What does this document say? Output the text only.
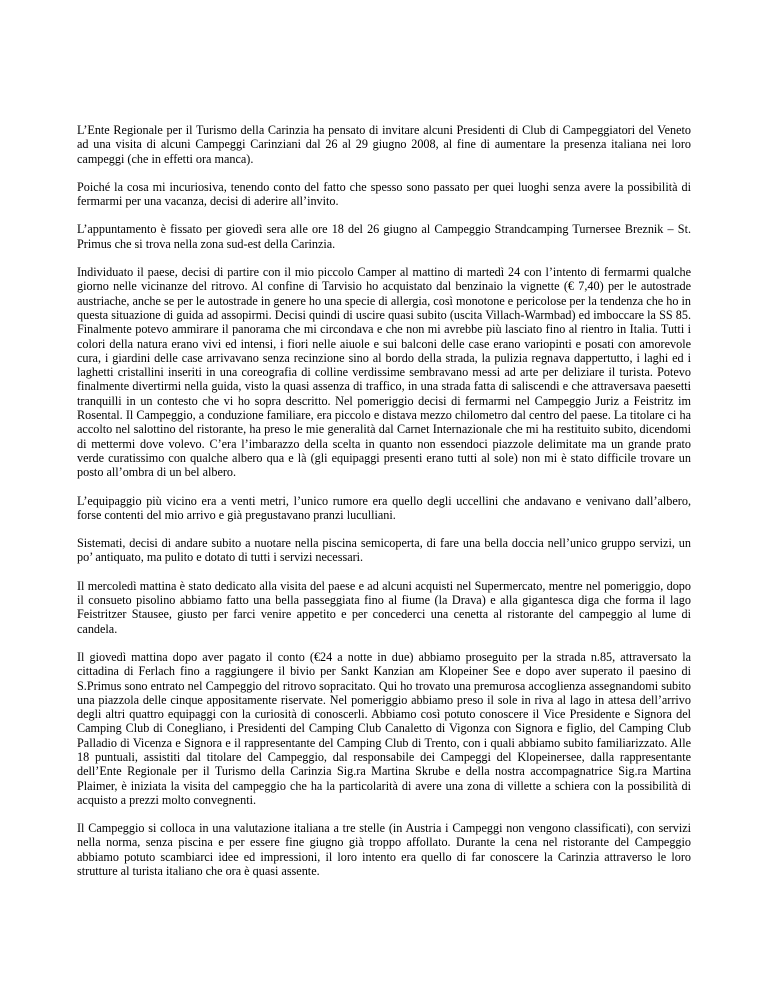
L’Ente Regionale per il Turismo della Carinzia ha pensato di invitare alcuni Presidenti di Club di Campeggiatori del Veneto ad una visita di alcuni Campeggi Carinziani dal 26 al 29 giugno 2008, al fine di aumentare la presenza italiana nei loro campeggi (che in effetti ora manca).

Poiché la cosa mi incuriosiva, tenendo conto del fatto che spesso sono passato per quei luoghi senza avere la possibilità di fermarmi per una vacanza, decisi di aderire all’invito.

L’appuntamento è fissato per giovedì sera alle ore 18 del 26 giugno al Campeggio Strandcamping Turnersee Breznik – St. Primus che si trova nella zona sud-est della Carinzia.

Individuato il paese, decisi di partire con il mio piccolo Camper al mattino di martedì 24 con l’intento di fermarmi qualche giorno nelle vicinanze del ritrovo. Al confine di Tarvisio ho acquistato dal benzinaio la vignette (€ 7,40) per le autostrade austriache, anche se per le autostrade in genere ho una specie di allergia, così monotone e pericolose per la tendenza che ho in questa situazione di guida ad assopirmi. Decisi quindi di uscire quasi subito (uscita Villach-Warmbad) ed imboccare la SS 85. Finalmente potevo ammirare il panorama che mi circondava e che non mi avrebbe più lasciato fino al rientro in Italia. Tutti i colori della natura erano vivi ed intensi, i fiori nelle aiuole e sui balconi delle case erano variopinti e posati con amorevole cura, i giardini delle case arrivavano senza recinzione sino al bordo della strada, la pulizia regnava dappertutto, i laghi ed i laghetti cristallini inseriti in una coreografia di colline verdissime sembravano messi ad arte per deliziare il turista. Potevo finalmente divertirmi nella guida, visto la quasi assenza di traffico, in una strada fatta di saliscendi e che attraversava paesetti tranquilli in un contesto che vi ho sopra descritto. Nel pomeriggio decisi di fermarmi nel Campeggio Juriz a Feistritz im Rosental. Il Campeggio, a conduzione familiare, era piccolo e distava mezzo chilometro dal centro del paese. La titolare ci ha accolto nel salottino del ristorante, ha preso le mie generalità dal Carnet Internazionale che mi ha restituito subito, dicendomi di mettermi dove volevo. C’era l’imbarazzo della scelta in quanto non essendoci piazzole delimitate ma un grande prato verde curatissimo con qualche albero qua e là (gli equipaggi presenti erano tutti al sole) non mi è stato difficile trovare un posto all’ombra di un bel albero.

L’equipaggio più vicino era a venti metri, l’unico rumore era quello degli uccellini che andavano e venivano dall’albero, forse contenti del mio arrivo e già pregustavano pranzi luculliani.

Sistemati, decisi di andare subito a nuotare nella piscina semicoperta, di fare una bella doccia nell’unico gruppo servizi, un po’ antiquato, ma pulito e dotato di tutti i servizi necessari.

Il mercoledì mattina è stato dedicato alla visita del paese e ad alcuni acquisti nel Supermercato, mentre nel pomeriggio, dopo il consueto pisolino abbiamo fatto una bella passeggiata fino al fiume (la Drava) e alla gigantesca diga che forma il lago Feistritzer Stausee, giusto per farci venire appetito e per concederci una cenetta al ristorante del campeggio al lume di candela.

Il giovedì mattina dopo aver pagato il conto (€24 a notte in due) abbiamo proseguito per la strada n.85, attraversato la cittadina di Ferlach fino a raggiungere il bivio per Sankt Kanzian am Klopeiner See e dopo aver superato il paesino di S.Primus sono entrato nel Campeggio del ritrovo sopracitato. Qui ho trovato una premurosa accoglienza assegnandomi subito una piazzola delle cinque appositamente riservate. Nel pomeriggio abbiamo preso il sole in riva al lago in attesa dell’arrivo degli altri quattro equipaggi con la curiosità di conoscerli. Abbiamo così potuto conoscere il Vice Presidente e Signora del Camping Club di Conegliano, i Presidenti del Camping Club Canaletto di Vigonza con Signora e figlio, del Camping Club Palladio di Vicenza e Signora e il rappresentante del Camping Club di Trento, con i quali abbiamo subito familiarizzato. Alle 18 puntuali, assistiti dal titolare del Campeggio, dal responsabile dei Campeggi del Klopeinersee, dalla rappresentante dell’Ente Regionale per il Turismo della Carinzia Sig.ra Martina Skrube e della nostra accompagnatrice Sig.ra Martina Plaimer, è iniziata la visita del campeggio che ha la particolarità di avere una zona di villette a schiera con la possibilità di acquisto a prezzi molto convegnenti.

Il Campeggio si colloca in una valutazione italiana a tre stelle (in Austria i Campeggi non vengono classificati), con servizi nella norma, senza piscina e per essere fine giugno già troppo affollato. Durante la cena nel ristorante del Campeggio abbiamo potuto scambiarci idee ed impressioni, il loro intento era quello di far conoscere la Carinzia attraverso le loro strutture al turista italiano che ora è quasi assente.
